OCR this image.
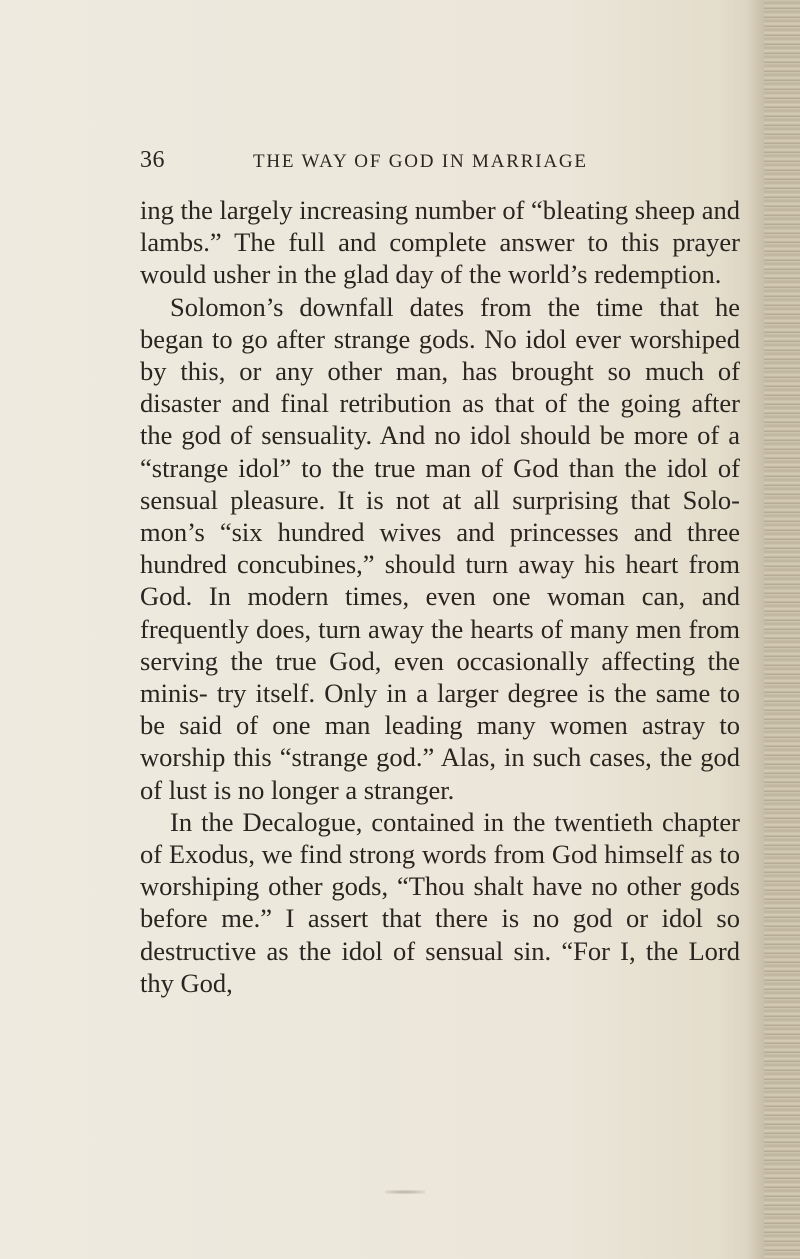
36	THE WAY OF GOD IN MARRIAGE

ing the largely increasing number of “bleating sheep and lambs.” The full and complete answer to this prayer would usher in the glad day of the world’s redemption.

Solomon’s downfall dates from the time that he began to go after strange gods. No idol ever worshiped by this, or any other man, has brought so much of disaster and final retribution as that of the going after the god of sensuality. And no idol should be more of a “strange idol” to the true man of God than the idol of sensual pleasure. It is not at all surprising that Solo- mon’s “six hundred wives and princesses and three hundred concubines,” should turn away his heart from God. In modern times, even one woman can, and frequently does, turn away the hearts of many men from serving the true God, even occasionally affecting the minis- try itself. Only in a larger degree is the same to be said of one man leading many women astray to worship this “strange god.” Alas, in such cases, the god of lust is no longer a stranger.

In the Decalogue, contained in the twentieth chapter of Exodus, we find strong words from God himself as to worshiping other gods, “Thou shalt have no other gods before me.” I assert that there is no god or idol so destructive as the idol of sensual sin. “For I, the Lord thy God,
